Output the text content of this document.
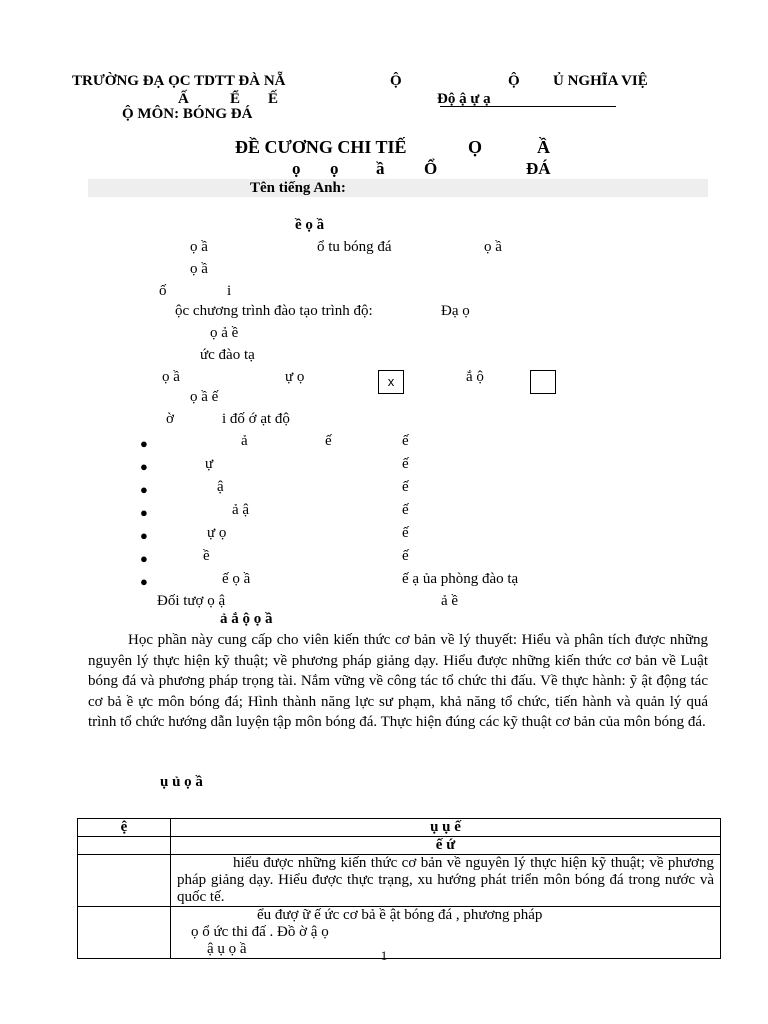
TRƯỜNG ĐẠ ỌC TDTT ĐÀ NẴ	Ộ	Ộ Ủ NGHĨA VIỆ
Ấ	Ể Ế	Độ ậ ự ạ
Ộ MÔN: BÓNG ĐÁ
ĐỀ CƯƠNG CHI TIẾ	Ọ	Ầ
ọ ọ ầ Ổ	ĐÁ
Tên tiếng Anh:
ề ọ ầ
ọ ầ	ổ tu bóng đá	ọ ầ
ọ ầ
ố	i
ộc chương trình đào tạo trình độ:	Đạ ọ
ọ ả ề
ức đào tạ
ọ ầ	ự ọ	x	ắ ộ
ọ ầ ế
ờ	i đố ớ ạt độ
●	ả	ế	ế
●	ự	ế
●	ậ	ế
●	ả ậ	ế
●	ự ọ	ế
●	ề	ế
●	ế ọ ầ	ế ạ ủa phòng đào tạ
Đối tượ ọ ậ	ả ề
ả ắ ộ ọ ầ
Học phần này cung cấp cho viên kiến thức cơ bản về lý thuyết: Hiểu và phân tích được những nguyên lý thực hiện kỹ thuật; về phương pháp giảng dạy. Hiểu được những kiến thức cơ bản về Luật bóng đá và phương pháp trọng tài. Nắm vững về công tác tổ chức thi đấu. Về thực hành: ỹ ật động tác cơ bả ề ực môn bóng đá; Hình thành năng lực sư phạm, khả năng tổ chức, tiến hành và quản lý quá trình tổ chức hướng dẫn luyện tập môn bóng đá. Thực hiện đúng các kỹ thuật cơ bản của môn bóng đá.
ụ ủ ọ ầ
ệ	ụ ụ ế
	ế ứ
	hiểu được những kiến thức cơ bản về nguyên lý thực hiện kỹ thuật; về phương pháp giảng dạy. Hiểu được thực trạng, xu hướng phát triển môn bóng đá trong nước và quốc tế.

	ểu đượ ữ ế ức cơ bả ề ật bóng đá , phương pháp
ọ ổ ức thi đấ . Đồ ờ ậ ọ
ậ ụ ọ ầ	1
